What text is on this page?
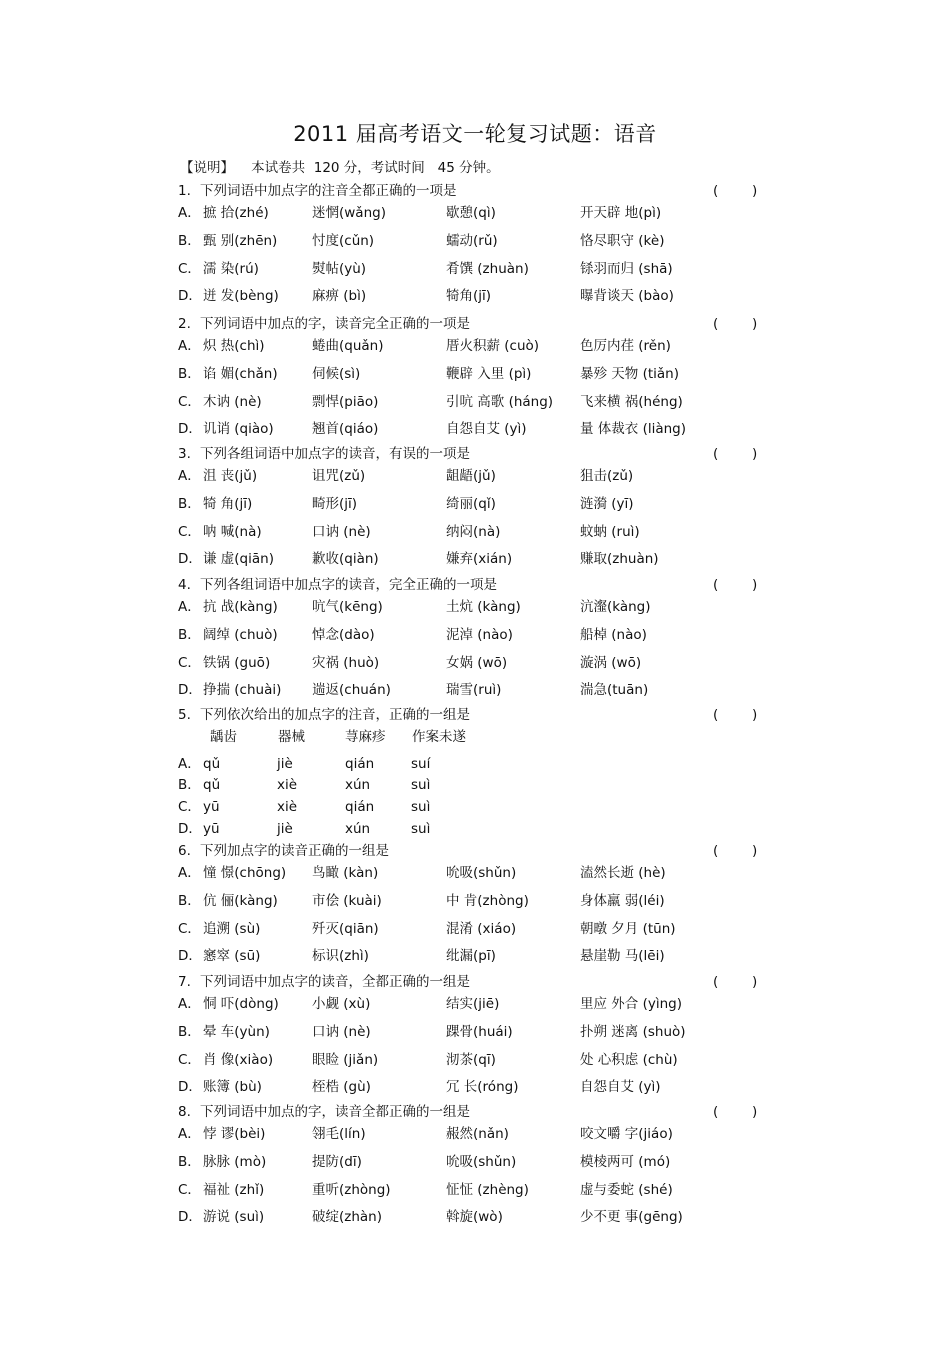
2011 届高考语文一轮复习试题：语音
【说明】    本试卷共  120 分，考试时间   45 分钟。
1. 下列词语中加点字的注音全都正确的一项是	( )
A． 摭 拾(zhé)	迷惘(wǎng)	歇憩(qì)	开天辟 地(pì)
B． 甄 别(zhēn)	忖度(cǔn)	蠕动(rǔ)	恪尽职守 (kè)
C． 濡 染(rú)	熨帖(yù)	肴馔 (zhuàn)	铩羽而归 (shā)
D． 迸 发(bèng) 麻痹 (bì)	犄角(jī)	曝背谈天 (bào)
2. 下列词语中加点的字，读音完全正确的一项是	( )
A． 炽 热(chì)	蜷曲(quǎn)	厝火积薪 (cuò)	色厉内荏 (rěn)
B． 谄 媚(chǎn)	伺候(sì)	鞭辟 入里 (pì)	暴殄 天物 (tiǎn)
C． 木讷 (nè)	剽悍(piāo)	引吭 高歌 (háng) 飞来横 祸(héng)
D． 讥诮 (qiào)	翘首(qiáo)	自怨自艾 (yì)	量 体裁衣 (liàng)
3. 下列各组词语中加点字的读音，有误的一项是	( )
A． 沮 丧(jǔ)	诅咒(zǔ)	龃龉(jǔ)	狙击(zǔ)
B． 犄 角(jī)	畸形(jī)	绮丽(qǐ)	涟漪 (yī)
C． 呐 喊(nà)	口讷 (nè)	纳闷(nà)	蚊蚋 (ruì)
D． 谦 虚(qiān)	歉收(qiàn)	嫌弃(xián)	赚取(zhuàn)
4. 下列各组词语中加点字的读音，完全正确的一项是	( )
A． 抗 战(kàng)	吭气(kēng)	土炕 (kàng)	沆瀣(kàng)
B． 阔绰 (chuò)	悼念(dào)	泥淖 (nào)	船棹 (nào)
C． 铁锅 (guō)	灾祸 (huò)	女娲 (wō)	漩涡 (wō)
D． 挣揣 (chuài) 遄返(chuán)	瑞雪(ruì)	湍急(tuān)
5. 下列依次给出的加点字的注音，正确的一组是	( )
龋齿	器械	荨麻疹 作案未遂
A． qǔ	jiè	qián	suí
B． qǔ	xiè	xún	suì
C． yū	xiè	qián	suì
D． yū	jiè	xún	suì
6. 下列加点字的读音正确的一组是	( )
A． 憧 憬(chōng) 鸟瞰 (kàn)	吮吸(shǔn)	溘然长逝 (hè)
B． 伉 俪(kàng)	市侩 (kuài)	中 肯(zhòng)	身体羸 弱(léi)
C． 追溯 (sù)	歼灭(qiān)	混淆 (xiáo)	朝暾 夕月 (tūn)
D． 窸窣 (sū)	标识(zhì)	纰漏(pī)	悬崖勒 马(lēi)
7. 下列词语中加点字的读音，全都正确的一组是	( )
A． 恫 吓(dòng) 小觑 (xù)	结实(jiē)	里应 外合 (yìng)
B． 晕 车(yùn)	口讷 (nè)	踝骨(huái)	扑朔 迷离 (shuò)
C． 肖 像(xiào)	眼睑 (jiǎn)	沏茶(qī)	处 心积虑 (chù)
D． 账簿 (bù)	桎梏 (gù)	冗 长(róng)	自怨自艾 (yì)
8. 下列词语中加点的字，读音全都正确的一组是	( )
A． 悖 谬(bèi)	翎毛(lín)	赧然(nǎn)	咬文嚼 字(jiáo)
B． 脉脉 (mò)	提防(dī)	吮吸(shǔn)	模棱两可 (mó)
C． 福祉 (zhǐ)	重听(zhòng)	怔怔 (zhèng)	虚与委蛇 (shé)
D． 游说 (suì)	破绽(zhàn)	斡旋(wò)	少不更 事(gēng)
